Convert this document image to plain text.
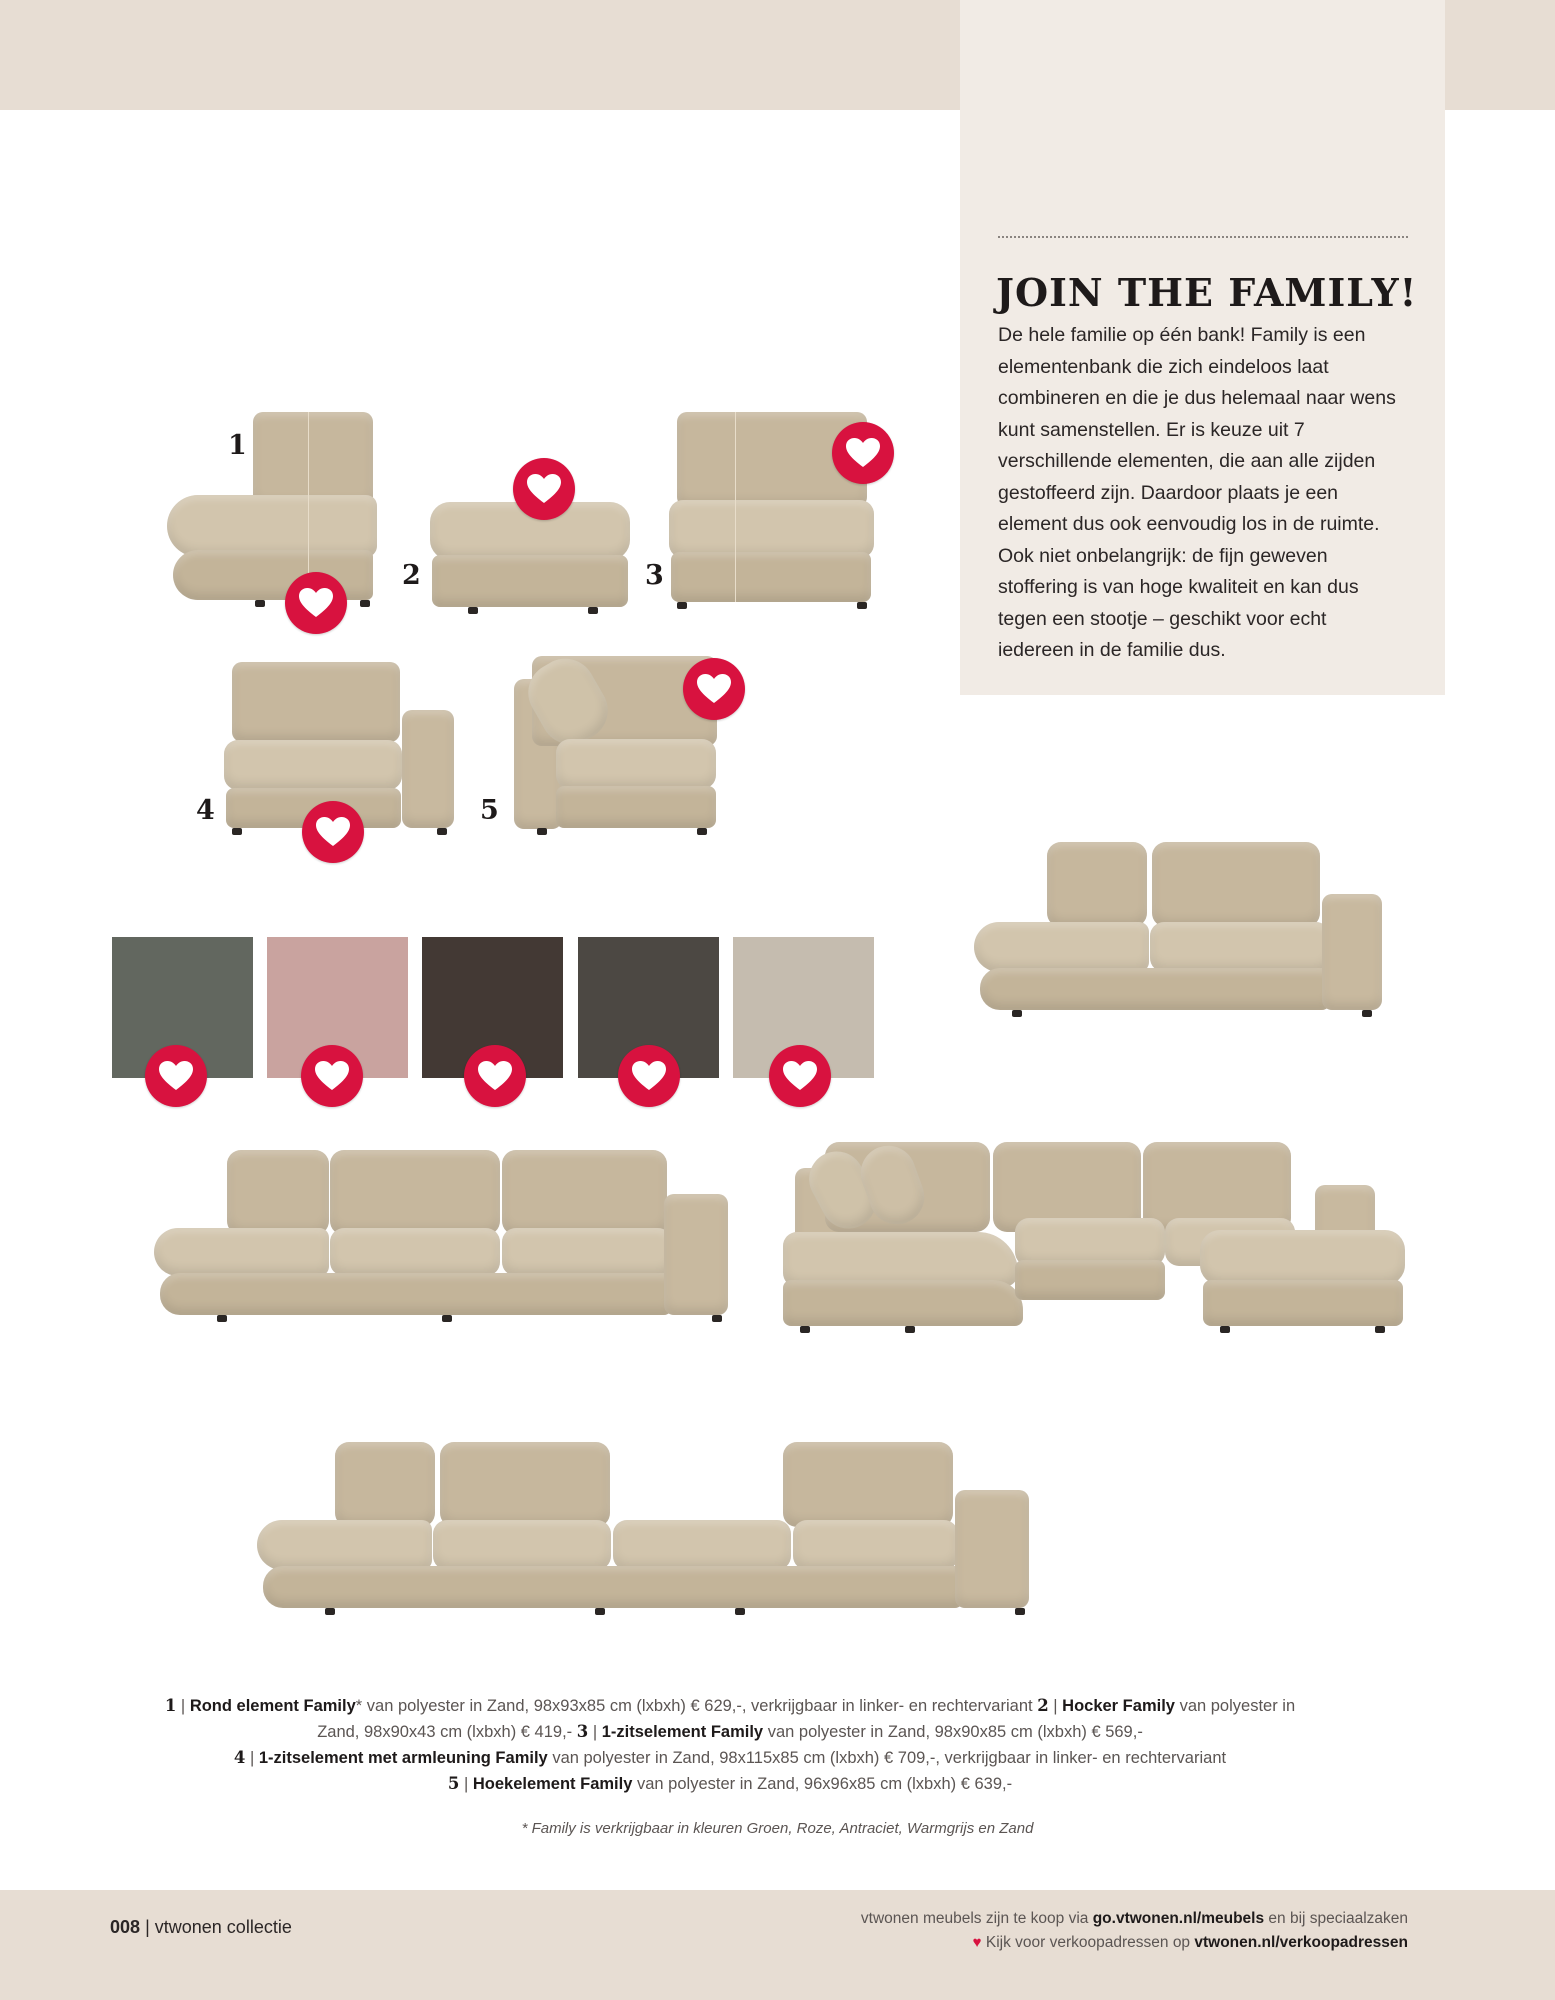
JOIN THE FAMILY!

De hele familie op één bank! Family is een elementenbank die zich eindeloos laat combineren en die je dus helemaal naar wens kunt samenstellen. Er is keuze uit 7 verschillende elementen, die aan alle zijden gestoffeerd zijn. Daardoor plaats je een element dus ook eenvoudig los in de ruimte. Ook niet onbelangrijk: de fijn geweven stoffering is van hoge kwaliteit en kan dus tegen een stootje – geschikt voor echt iedereen in de familie dus.

1
2	3
4	5
1 | Rond element Family* van polyester in Zand, 98x93x85 cm (lxbxh) € 629,-, verkrijgbaar in linker- en rechtervariant 2 | Hocker Family van polyester in Zand, 98x90x43 cm (lxbxh) € 419,- 3 | 1-zitselement Family van polyester in Zand, 98x90x85 cm (lxbxh) € 569,-
4 | 1-zitselement met armleuning Family van polyester in Zand, 98x115x85 cm (lxbxh) € 709,-, verkrijgbaar in linker- en rechtervariant
5 | Hoekelement Family van polyester in Zand, 96x96x85 cm (lxbxh) € 639,-
* Family is verkrijgbaar in kleuren Groen, Roze, Antraciet, Warmgrijs en Zand
008 | vtwonen collectie	vtwonen meubels zijn te koop via go.vtwonen.nl/meubels en bij speciaalzaken
♥ Kijk voor verkoopadressen op vtwonen.nl/verkoopadressen
